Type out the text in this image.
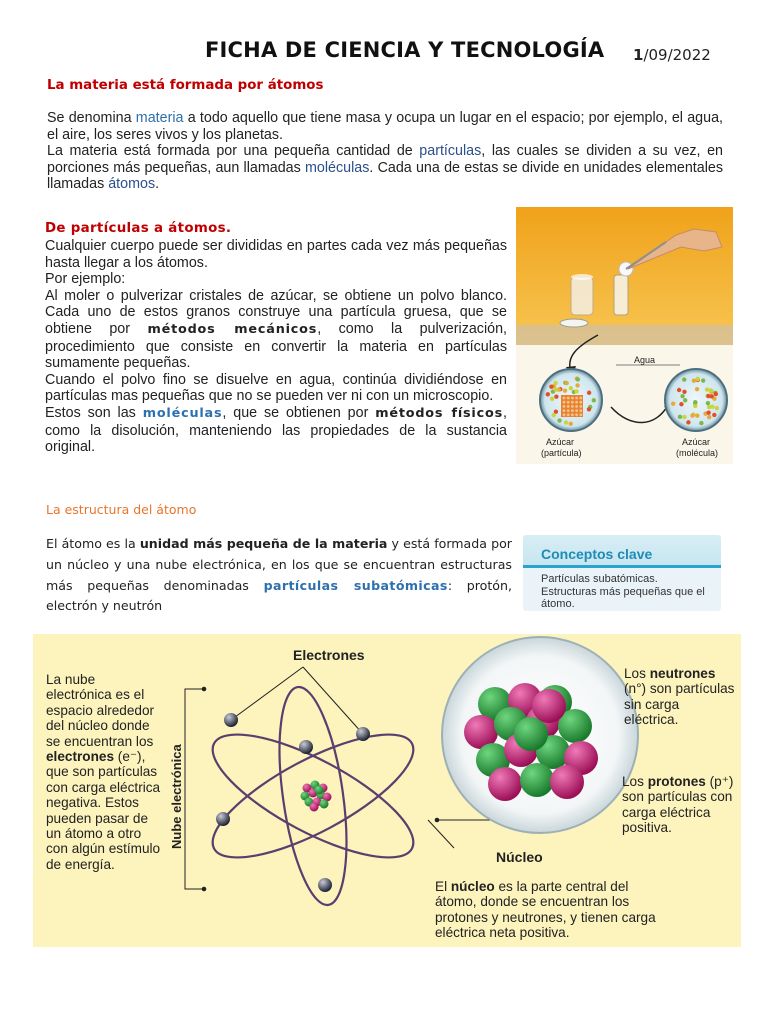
FICHA DE CIENCIA Y TECNOLOGÍA 1/09/2022
La materia está formada por átomos

Se denomina materia a todo aquello que tiene masa y ocupa un lugar en el espacio; por ejemplo, el agua, el aire, los seres vivos y los planetas.

La materia está formada por una pequeña cantidad de partículas, las cuales se dividen a su vez, en porciones más pequeñas, aun llamadas moléculas. Cada una de estas se divide en unidades elementales llamadas átomos.

De partículas a átomos.

Cualquier cuerpo puede ser divididas en partes cada vez más pequeñas hasta llegar a los átomos.

Por ejemplo:

Al moler o pulverizar cristales de azúcar, se obtiene un polvo blanco. Cada uno de estos granos construye una partícula gruesa, que se obtiene por métodos mecánicos, como la pulverización, procedimiento que consiste en convertir la materia en partículas sumamente pequeñas.

Cuando el polvo fino se disuelve en agua, continúa dividiéndose en partículas mas pequeñas que no se pueden ver ni con un microscopio.

Estos son las moléculas, que se obtienen por métodos físicos, como la disolución, manteniendo las propiedades de la sustancia original.

Agua
Azúcar
(partícula)
Azúcar
(molécula)
La estructura del átomo
El átomo es la unidad más pequeña de la materia y está formada por un núcleo y una nube electrónica, en los que se encuentran estructuras más pequeñas denominadas partículas subatómicas: protón, electrón y neutrón
Conceptos clave
Partículas subatómicas.
Estructuras más pequeñas que el átomo.
Nube electrónica
Electrones
Núcleo
La nube electrónica es el espacio alrededor del núcleo donde se encuentran los electrones (e⁻), que son partículas con carga eléctrica negativa. Estos pueden pasar de un átomo a otro con algún estímulo de energía.
Los neutrones (n°) son partículas sin carga eléctrica.
Los protones (p⁺) son partículas con carga eléctrica positiva.
El núcleo es la parte central del átomo, donde se encuentran los protones y neutrones, y tienen carga eléctrica neta positiva.
